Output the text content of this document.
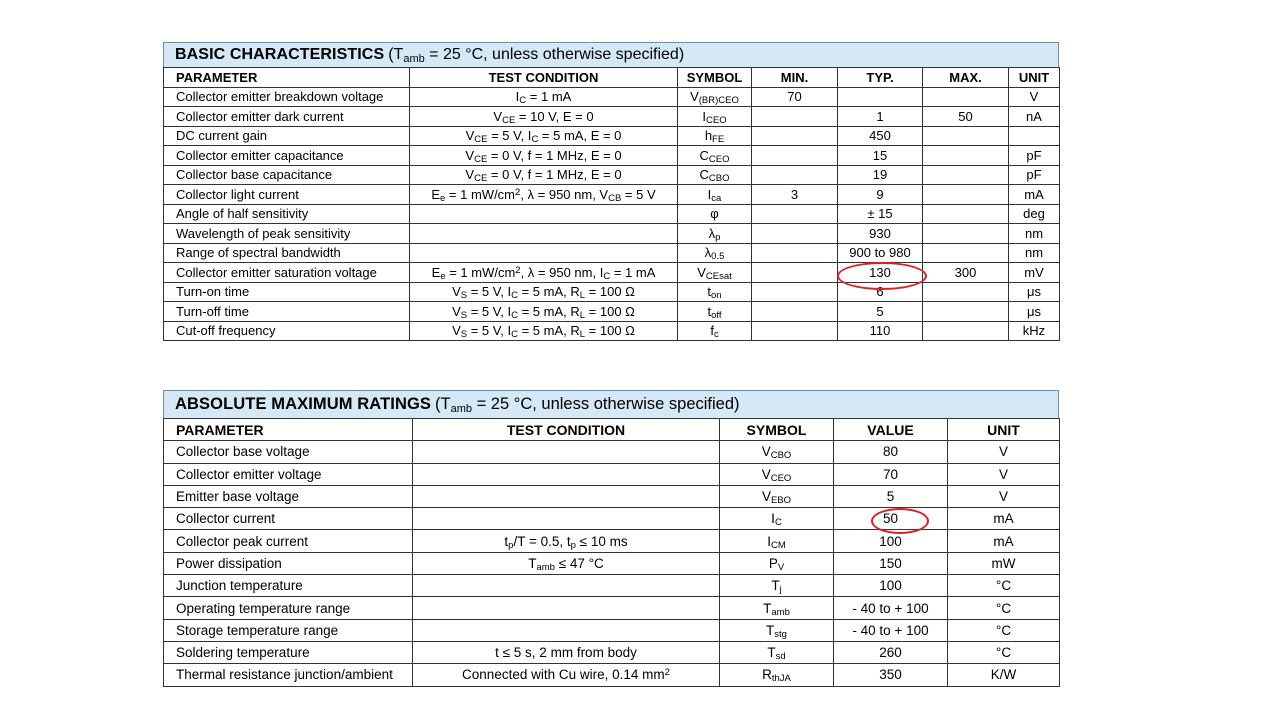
BASIC CHARACTERISTICS ($T_{amb} = 25$ °C, unless otherwise specified)
PARAMETER	TEST CONDITION	SYMBOL	MIN.	TYP.	MAX.	UNIT
Collector emitter breakdown voltage	$I_C = 1$ mA	$V_{(BR)CEO}$	70			V
Collector emitter dark current	$V_{CE} = 10$ V, E = 0	$I_{CEO}$		1	50	nA
DC current gain	$V_{CE} = 5$ V, $I_C = 5$ mA, E = 0	$h_{FE}$		450		
Collector emitter capacitance	$V_{CE} = 0$ V, f = 1 MHz, E = 0	$C_{CEO}$		15		pF
Collector base capacitance	$V_{CE} = 0$ V, f = 1 MHz, E = 0	$C_{CBO}$		19		pF
Collector light current	$E_e = 1$ $mW/cm^2$, λ = 950 nm, $V_{CB} = 5$ V	$I_{ca}$	3	9		mA
Angle of half sensitivity		φ		± 15		deg
Wavelength of peak sensitivity		$\lambda_p$		930		nm
Range of spectral bandwidth		$\lambda_{0.5}$		900 to 980		nm
Collector emitter saturation voltage	$E_e = 1$ $mW/cm^2$, λ = 950 nm, $I_C = 1$ mA	$V_{CEsat}$		130	300	mV
Turn-on time	$V_S = 5$ V, $I_C = 5$ mA, $R_L = 100$ Ω	$t_{on}$		6		μs
Turn-off time	$V_S = 5$ V, $I_C = 5$ mA, $R_L = 100$ Ω	$t_{off}$		5		μs
Cut-off frequency	$V_S = 5$ V, $I_C = 5$ mA, $R_L = 100$ Ω	$f_c$		110		kHz
ABSOLUTE MAXIMUM RATINGS ($T_{amb} = 25$ °C, unless otherwise specified)
PARAMETER	TEST CONDITION	SYMBOL	VALUE	UNIT
Collector base voltage		$V_{CBO}$	80	V
Collector emitter voltage		$V_{CEO}$	70	V
Emitter base voltage		$V_{EBO}$	5	V
Collector current		$I_C$	50	mA
Collector peak current	$t_p/T = 0.5$, $t_p \le 10$ ms	$I_{CM}$	100	mA
Power dissipation	$T_{amb} \le 47$ °C	$P_V$	150	mW
Junction temperature		$T_j$	100	°C
Operating temperature range		$T_{amb}$	- 40 to + 100	°C
Storage temperature range		$T_{stg}$	- 40 to + 100	°C
Soldering temperature	t ≤ 5 s, 2 mm from body	$T_{sd}$	260	°C
Thermal resistance junction/ambient	Connected with Cu wire, 0.14 $mm^2$	$R_{thJA}$	350	K/W
